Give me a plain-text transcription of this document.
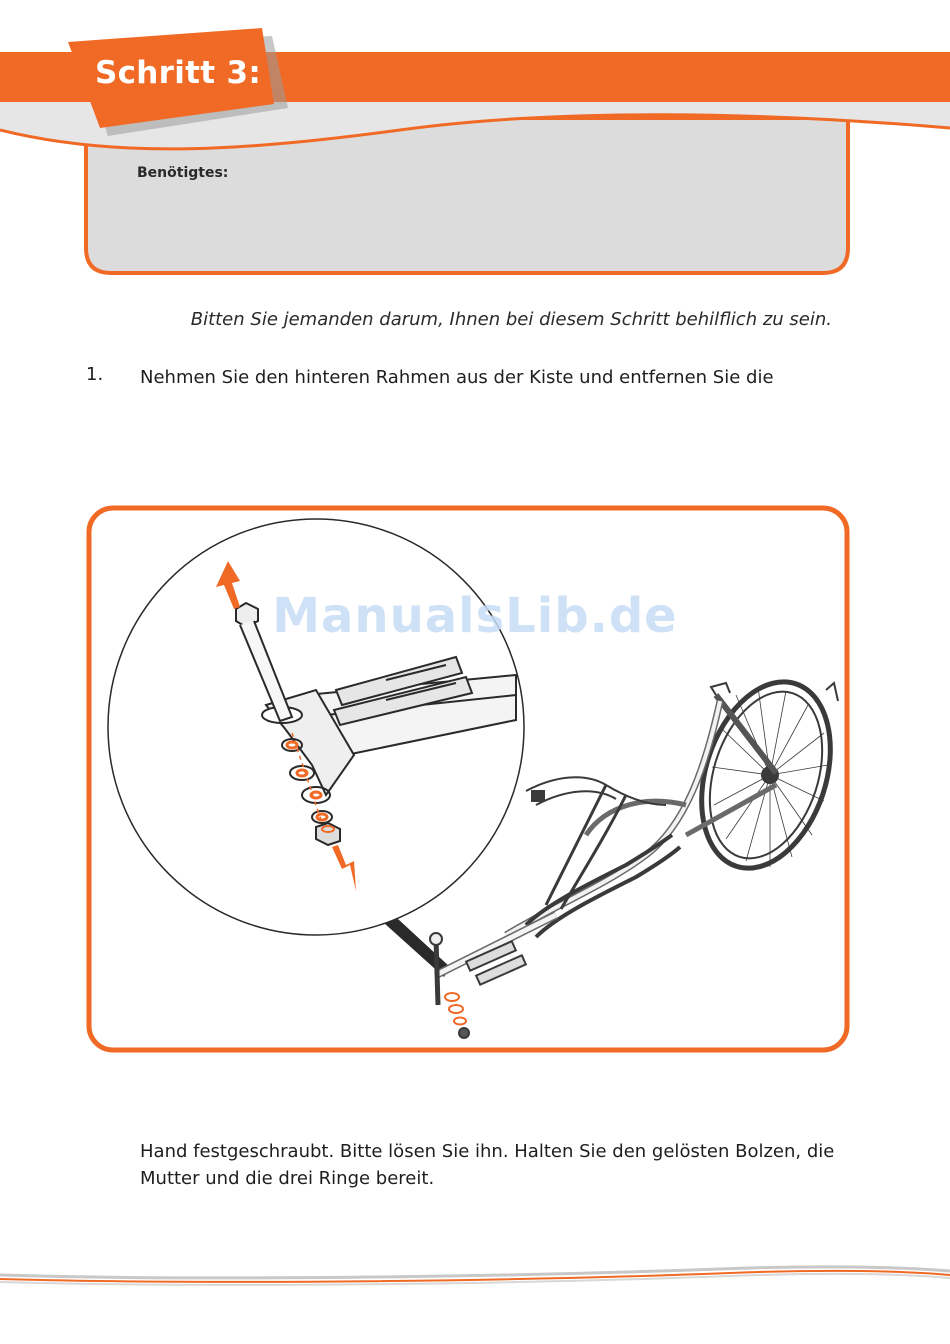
Schritt 3:
Benötigtes:
Bitten Sie jemanden darum, Ihnen bei diesem Schritt behilflich zu sein.
1. Nehmen Sie den hinteren Rahmen aus der Kiste und entfernen Sie die
ManualsLib.de
Hand festgeschraubt. Bitte lösen Sie ihn. Halten Sie den gelösten Bolzen, die Mutter und die drei Ringe bereit.
